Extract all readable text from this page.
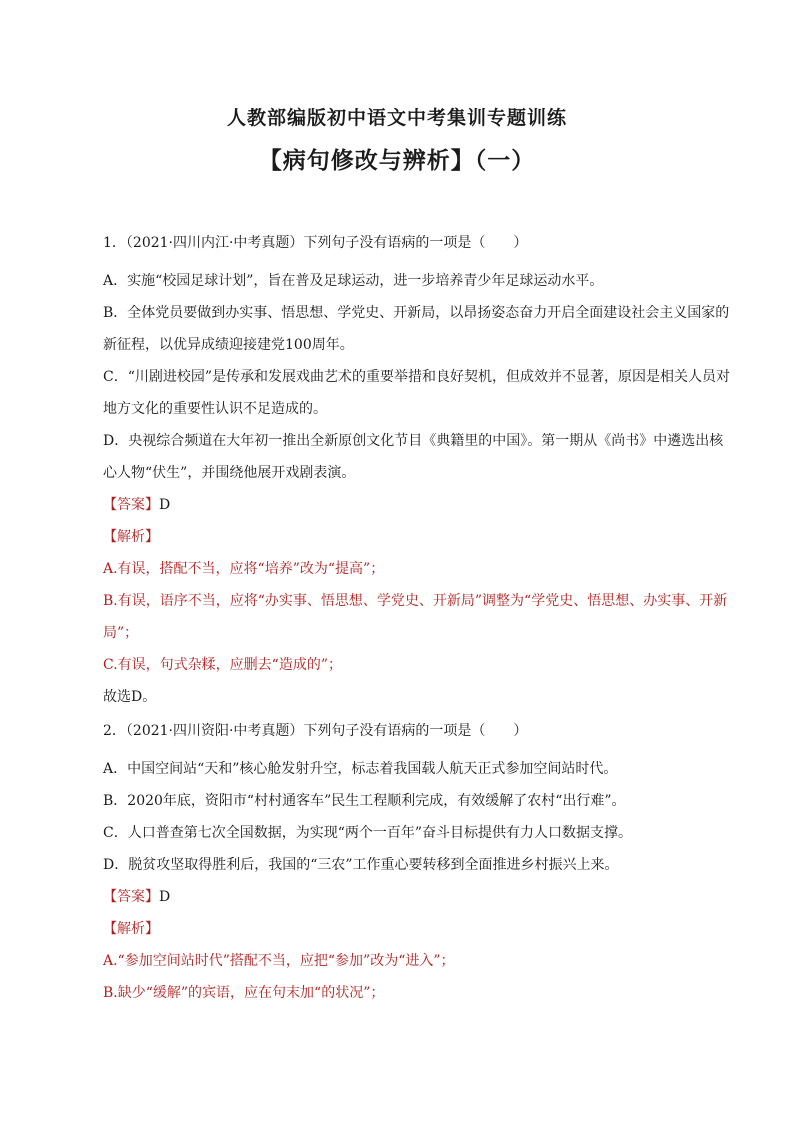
人教部编版初中语文中考集训专题训练
【病句修改与辨析】（一）
1．（2021·四川内江·中考真题）下列句子没有语病的一项是（　　）
A．实施“校园足球计划”，旨在普及足球运动，进一步培养青少年足球运动水平。
B．全体党员要做到办实事、悟思想、学党史、开新局，以昂扬姿态奋力开启全面建设社会主义国家的
新征程，以优异成绩迎接建党100周年。
C．“川剧进校园”是传承和发展戏曲艺术的重要举措和良好契机，但成效并不显著，原因是相关人员对
地方文化的重要性认识不足造成的。
D．央视综合频道在大年初一推出全新原创文化节目《典籍里的中国》。第一期从《尚书》中遴选出核
心人物“伏生”，并围绕他展开戏剧表演。
【答案】D
【解析】
A.有误，搭配不当，应将“培养”改为“提高”；
B.有误，语序不当，应将“办实事、悟思想、学党史、开新局”调整为“学党史、悟思想、办实事、开新
局”；
C.有误，句式杂糅，应删去“造成的”；
故选D。
2．（2021·四川资阳·中考真题）下列句子没有语病的一项是（　　）
A．中国空间站“天和”核心舱发射升空，标志着我国载人航天正式参加空间站时代。
B．2020年底，资阳市“村村通客车”民生工程顺利完成，有效缓解了农村“出行难”。
C．人口普查第七次全国数据，为实现“两个一百年”奋斗目标提供有力人口数据支撑。
D．脱贫攻坚取得胜利后，我国的“三农”工作重心要转移到全面推进乡村振兴上来。
【答案】D
【解析】
A.“参加空间站时代”搭配不当，应把“参加”改为“进入”；
B.缺少“缓解”的宾语，应在句末加“的状况”；
